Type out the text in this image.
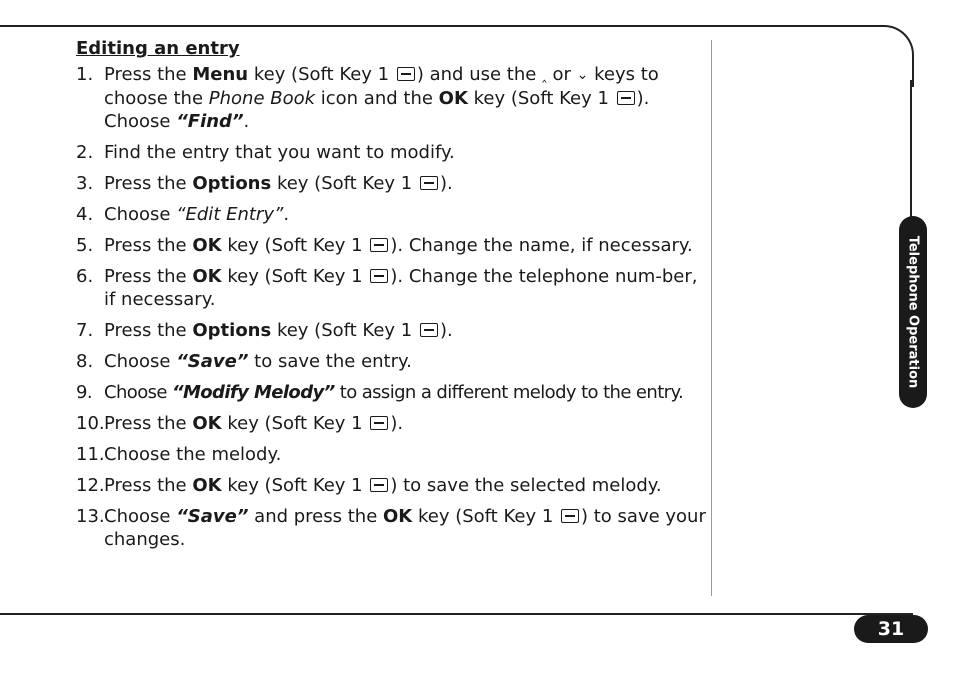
Telephone Operation
31
Editing an entry
1. Press the Menu key (Soft Key 1 ) and use the ‸ or ⌄ keys to choose the Phone Book icon and the OK key (Soft Key 1 ). Choose “Find”.
2. Find the entry that you want to modify.
3. Press the Options key (Soft Key 1 ).
4. Choose “Edit Entry”.
5. Press the OK key (Soft Key 1 ). Change the name, if necessary.
6. Press the OK key (Soft Key 1 ). Change the telephone num-ber, if necessary.
7. Press the Options key (Soft Key 1 ).
8. Choose “Save” to save the entry.
9. Choose “Modify Melody” to assign a different melody to the entry.
10. Press the OK key (Soft Key 1 ).
11. Choose the melody.
12. Press the OK key (Soft Key 1 ) to save the selected melody.
13. Choose “Save” and press the OK key (Soft Key 1 ) to save your changes.
